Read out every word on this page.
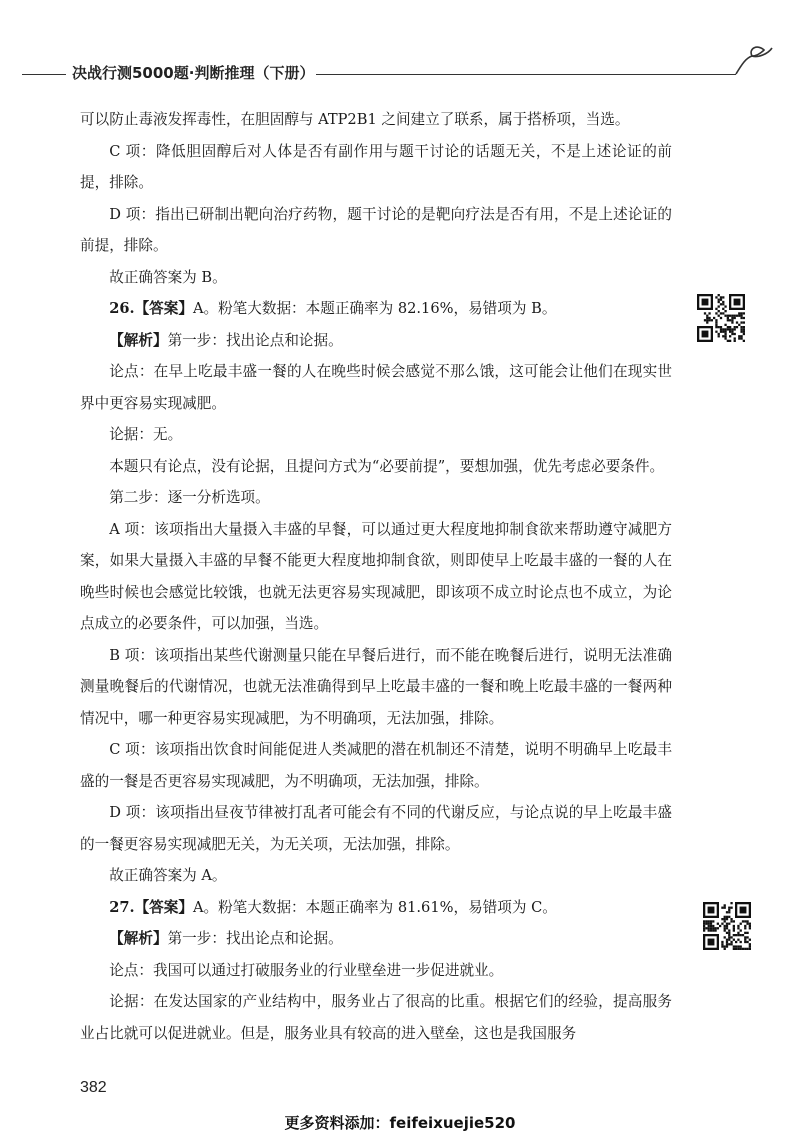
决战行测5000题·判断推理（下册）

可以防止毒液发挥毒性，在胆固醇与 ATP2B1 之间建立了联系，属于搭桥项，当选。

C 项：降低胆固醇后对人体是否有副作用与题干讨论的话题无关，不是上述论证的前提，排除。

D 项：指出已研制出靶向治疗药物，题干讨论的是靶向疗法是否有用，不是上述论证的前提，排除。

故正确答案为 B。

26.【答案】A。粉笔大数据：本题正确率为 82.16%，易错项为 B。

【解析】第一步：找出论点和论据。

论点：在早上吃最丰盛一餐的人在晚些时候会感觉不那么饿，这可能会让他们在现实世界中更容易实现减肥。

论据：无。

本题只有论点，没有论据，且提问方式为“必要前提”，要想加强，优先考虑必要条件。

第二步：逐一分析选项。

A 项：该项指出大量摄入丰盛的早餐，可以通过更大程度地抑制食欲来帮助遵守减肥方案，如果大量摄入丰盛的早餐不能更大程度地抑制食欲，则即使早上吃最丰盛的一餐的人在晚些时候也会感觉比较饿，也就无法更容易实现减肥，即该项不成立时论点也不成立，为论点成立的必要条件，可以加强，当选。

B 项：该项指出某些代谢测量只能在早餐后进行，而不能在晚餐后进行，说明无法准确测量晚餐后的代谢情况，也就无法准确得到早上吃最丰盛的一餐和晚上吃最丰盛的一餐两种情况中，哪一种更容易实现减肥，为不明确项，无法加强，排除。

C 项：该项指出饮食时间能促进人类减肥的潜在机制还不清楚，说明不明确早上吃最丰盛的一餐是否更容易实现减肥，为不明确项，无法加强，排除。

D 项：该项指出昼夜节律被打乱者可能会有不同的代谢反应，与论点说的早上吃最丰盛的一餐更容易实现减肥无关，为无关项，无法加强，排除。

故正确答案为 A。

27.【答案】A。粉笔大数据：本题正确率为 81.61%，易错项为 C。

【解析】第一步：找出论点和论据。

论点：我国可以通过打破服务业的行业壁垒进一步促进就业。

论据：在发达国家的产业结构中，服务业占了很高的比重。根据它们的经验，提高服务业占比就可以促进就业。但是，服务业具有较高的进入壁垒，这也是我国服务

382
更多资料添加：feifeixuejie520
